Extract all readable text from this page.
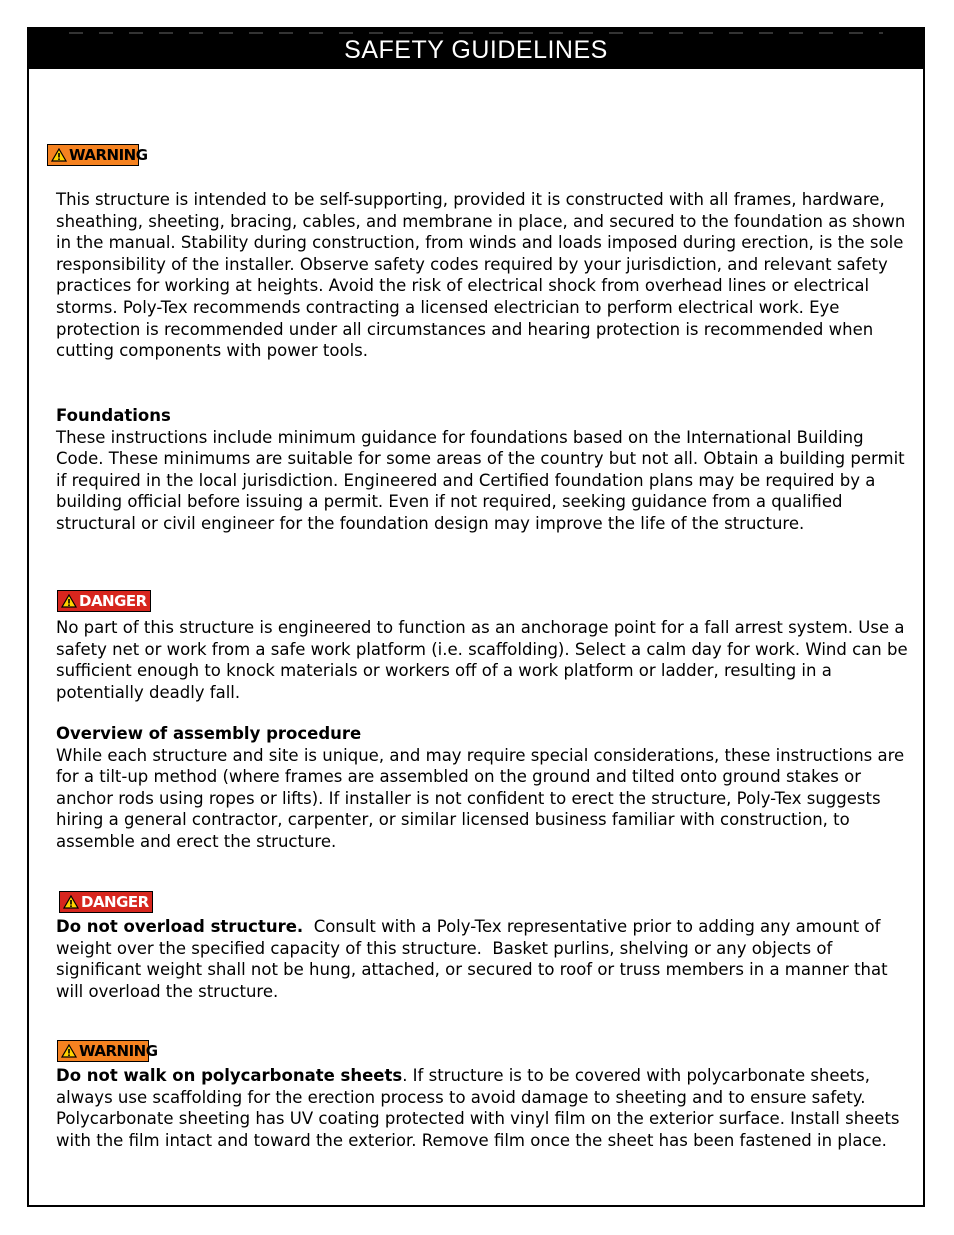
SAFETY GUIDELINES
WARNING

This structure is intended to be self-supporting, provided it is constructed with all frames, hardware, sheathing, sheeting, bracing, cables, and membrane in place, and secured to the foundation as shown in the manual. Stability during construction, from winds and loads imposed during erection, is the sole responsibility of the installer. Observe safety codes required by your jurisdiction, and relevant safety practices for working at heights. Avoid the risk of electrical shock from overhead lines or electrical storms. Poly-Tex recommends contracting a licensed electrician to perform electrical work. Eye protection is recommended under all circumstances and hearing protection is recommended when cutting components with power tools.

Foundations
These instructions include minimum guidance for foundations based on the International Building Code. These minimums are suitable for some areas of the country but not all. Obtain a building permit if required in the local jurisdiction. Engineered and Certified foundation plans may be required by a building official before issuing a permit. Even if not required, seeking guidance from a qualified structural or civil engineer for the foundation design may improve the life of the structure.
DANGER

No part of this structure is engineered to function as an anchorage point for a fall arrest system. Use a safety net or work from a safe work platform (i.e. scaffolding). Select a calm day for work. Wind can be sufficient enough to knock materials or workers off of a work platform or ladder, resulting in a potentially deadly fall.

Overview of assembly procedure
While each structure and site is unique, and may require special considerations, these instructions are for a tilt-up method (where frames are assembled on the ground and tilted onto ground stakes or anchor rods using ropes or lifts). If installer is not confident to erect the structure, Poly-Tex suggests hiring a general contractor, carpenter, or similar licensed business familiar with construction, to assemble and erect the structure.
DANGER

Do not overload structure.  Consult with a Poly-Tex representative prior to adding any amount of weight over the specified capacity of this structure.  Basket purlins, shelving or any objects of significant weight shall not be hung, attached, or secured to roof or truss members in a manner that will overload the structure.

WARNING

Do not walk on polycarbonate sheets. If structure is to be covered with polycarbonate sheets, always use scaffolding for the erection process to avoid damage to sheeting and to ensure safety. Polycarbonate sheeting has UV coating protected with vinyl film on the exterior surface. Install sheets with the film intact and toward the exterior. Remove film once the sheet has been fastened in place.
